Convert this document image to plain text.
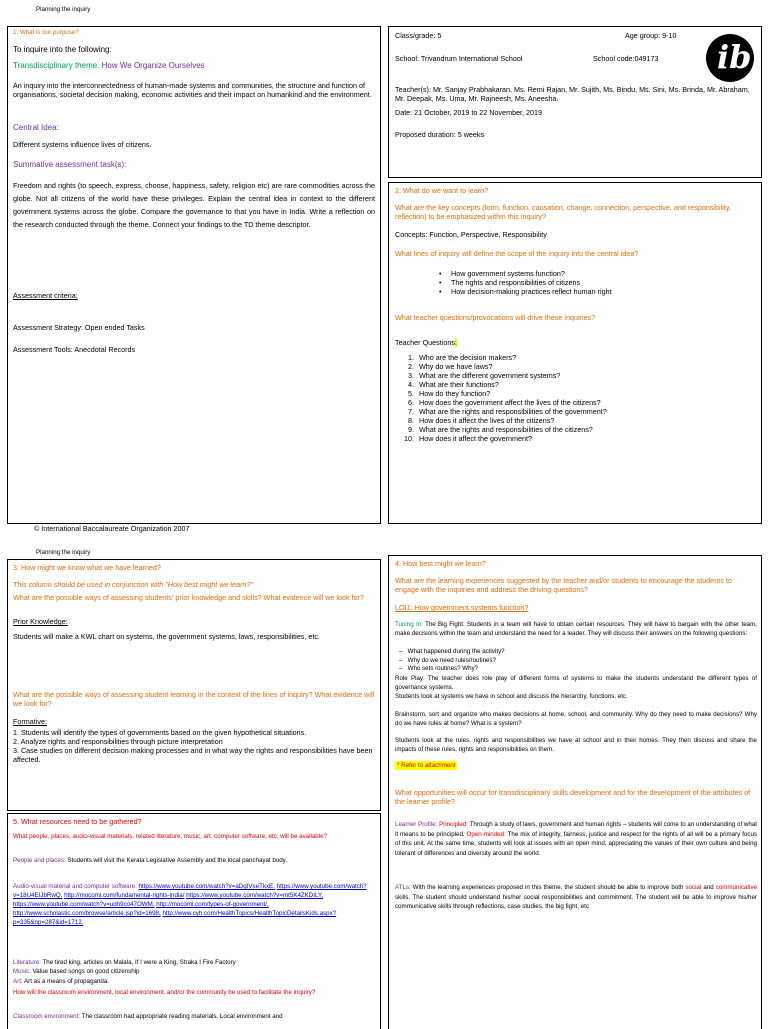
Planning the inquiry
1. What is our purpose?
To inquire into the following:
Transdisciplinary theme: How We Organize Ourselves
An inquiry into the interconnectedness of human-made systems and communities, the structure and function of organisations, societal decision making, economic activities and their impact on humankind and the environment.
Central Idea:
Different systems influence lives of citizens.
Summative assessment task(s):
Freedom and rights (to speech, express, choose, happiness, safety, religion etc) are rare commodities across the globe. Not all citizens of the world have these privileges. Explain the central idea in context to the different government systems across the globe. Compare the governance to that you have in India. Write a reflection on the research conducted through the theme. Connect your findings to the TD theme descriptor.
Assessment criteria:
Assessment Strategy: Open ended Tasks
Assessment Tools: Anecdotal Records
Class/grade: 5	Age group: 9-10
School: Trivandrum International School	School code:049173
Teacher(s): Mr. Sanjay Prabhakaran, Ms. Remi Rajan, Mr. Sujith, Ms. Bindu, Ms. Sini, Ms. Brinda, Mr. Abraham, Mr. Deepak, Ms. Uma, Mr. Rajneesh, Ms. Aneesha.
Date: 21 October, 2019 to 22 November, 2019
Proposed duration: 5 weeks
ib
2. What do we want to learn?
What are the key concepts (form, function, causation, change, connection, perspective, and responsibility, reflection) to be emphasized within this inquiry?
Concepts: Function, Perspective, Responsibility
What lines of inquiry will define the scope of the inquiry into the central idea?
• How government systems function?
• The rights and responsibilities of citizens
• How decision-making practices reflect human right
What teacher questions/provocations will drive these inquiries?
Teacher Questions:
1. Who are the decision makers?
2. Why do we have laws?
3. What are the different government systems?
4. What are their functions?
5. How do they function?
6. How does the government affect the lives of the citizens?
7. What are the rights and responsibilities of the government?
8. How does it affect the lives of the citizens?
9. What are the rights and responsibilities of the citizens?
10. How does it affect the government?
© International Baccalaureate Organization 2007
Planning the inquiry
3. How might we know what we have learned?
This column should be used in conjunction with "How best might we learn?"
What are the possible ways of assessing students' prior knowledge and skills? What evidence will we look for?
Prior Knowledge:
Students will make a KWL chart on systems, the government systems, laws, responsibilities, etc.
What are the possible ways of assessing student learning in the context of the lines of inquiry? What evidence will we look for?
Formative:
1. Students will identify the types of governments based on the given hypothetical situations.
2. Analyze rights and responsibilities through picture interpretation
3. Case studies on different decision making processes and in what way the rights and responsibilities have been affected.
5. What resources need to be gathered?
What people, places, audio-visual materials, related literature, music, art, computer software, etc, will be available?
People and places: Students will visit the Kerala Legislative Assembly and the local panchayat body.
Audio-visual material and computer software: https://www.youtube.com/watch?v=aDgIVseTkxE, https://www.youtube.com/watch?v=18U4EIJbRwQ, http://mocomi.com/fundamental-rights-india/ https://www.youtube.com/watch?v=mt5K4ZKDILY, https://www.youtube.com/watch?v=udh9co47OWM, http://mocomi.com/types-of-government/, http://www.scholastic.com/browse/article.jsp?id=1698, http://www.cyh.com/HealthTopics/HealthTopicDetailsKids.aspx?p=335&np=287&id=1712.
Literature: The tired king, articles on Malala, If I were a King, Straka I Fire Factory
Music: Value based songs on good citizenship
Art: Art as a means of propaganda.
How will the classroom environment, local environment, and/or the community be used to facilitate the inquiry?
Classroom environment: The classroom had appropriate reading materials. Local environment and
4. How best might we learn?
What are the learning experiences suggested by the teacher and/or students to encourage the students to engage with the inquiries and address the driving questions?
LOI1: How government systems function?
Tuning In: The Big Fight: Students in a team will have to obtain certain resources. They will have to bargain with the other team, make decisions within the team and understand the need for a leader. They will discuss their answers on the following questions:
–   What happened during the activity?
–   Why do we need rules/routines?
–   Who sets routines? Why?
Role Play: The teacher does role play of different forms of systems to make the students understand the different types of governance systems.
Students look at systems we have in school and discuss the hierarchy, functions, etc.
Brainstorm, sort and organize who makes decisions at home, school, and community. Why do they need to make decisions? Why do we have rules at home? What is a system?
Students look at the rules, rights and responsibilities we have at school and in their homes. They then discuss and share the impacts of these rules, rights and responsibilities on them.
* Refer to attachment
What opportunities will occur for transdisciplinary skills development and for the development of the attributes of the learner profile?
Learner Profile: Principled: Through a study of laws, government and human rights – students will come to an understanding of what it means to be principled. Open-minded: The mix of integrity, fairness, justice and respect for the rights of all will be a primary focus of this unit. At the same time, students will look at issues with an open mind, appreciating the values of their own culture and being tolerant of differences and diversity around the world.
ATLs: With the learning experiences proposed in this theme, the student should be able to improve both social and communicative skills. The student should understand his/her social responsibilities and commitment. The student will be able to improve his/her communicative skills through reflections, case studies, the big fight, etc
